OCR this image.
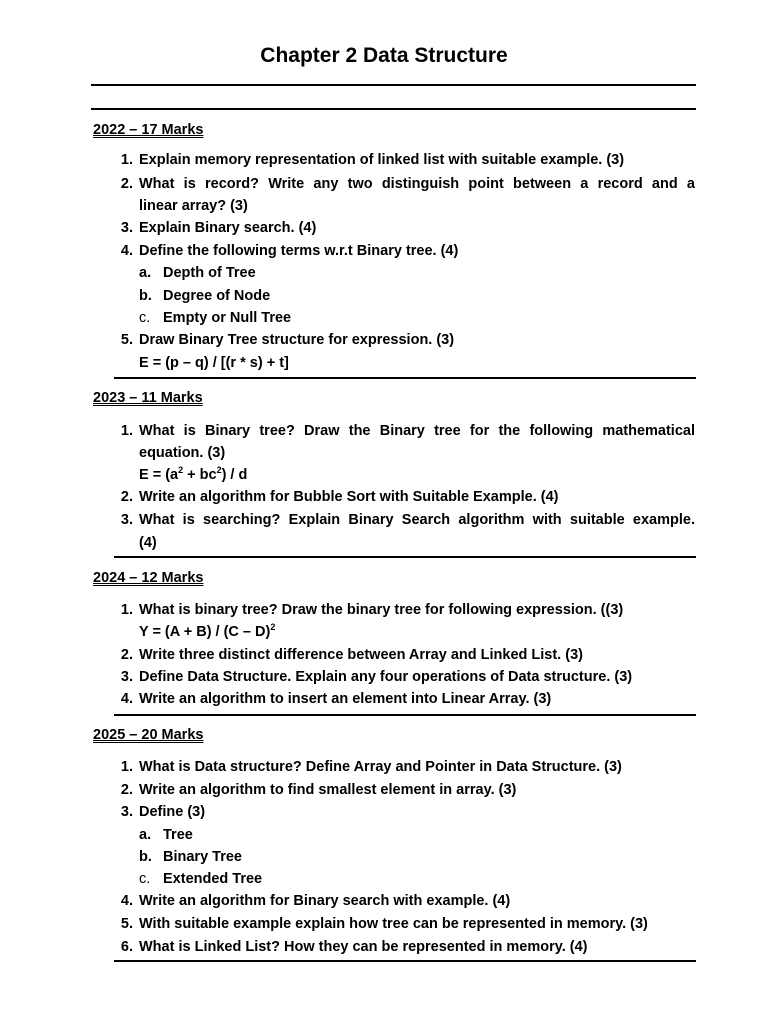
Chapter 2 Data Structure
2022 – 17 Marks
1. Explain memory representation of linked list with suitable example. (3)
2. What is record? Write any two distinguish point between a record and a
linear array? (3)
3. Explain Binary search. (4)
4. Define the following terms w.r.t Binary tree. (4)
a. Depth of Tree
b. Degree of Node
c. Empty or Null Tree
5. Draw Binary Tree structure for expression. (3)
E = (p – q) / [(r * s) + t]
2023 – 11 Marks
1. What is Binary tree? Draw the Binary tree for the following mathematical
equation. (3)
$E = (a^2 + bc^2) / d$
2. Write an algorithm for Bubble Sort with Suitable Example. (4)
3. What is searching? Explain Binary Search algorithm with suitable example.
(4)
2024 – 12 Marks
1. What is binary tree? Draw the binary tree for following expression. ((3)
Y = (A + B) / (C – D)$^2$
2. Write three distinct difference between Array and Linked List. (3)
3. Define Data Structure. Explain any four operations of Data structure. (3)
4. Write an algorithm to insert an element into Linear Array. (3)
2025 – 20 Marks
1. What is Data structure? Define Array and Pointer in Data Structure. (3)
2. Write an algorithm to find smallest element in array. (3)
3. Define (3)
a. Tree
b. Binary Tree
c. Extended Tree
4. Write an algorithm for Binary search with example. (4)
5. With suitable example explain how tree can be represented in memory. (3)
6. What is Linked List? How they can be represented in memory. (4)
